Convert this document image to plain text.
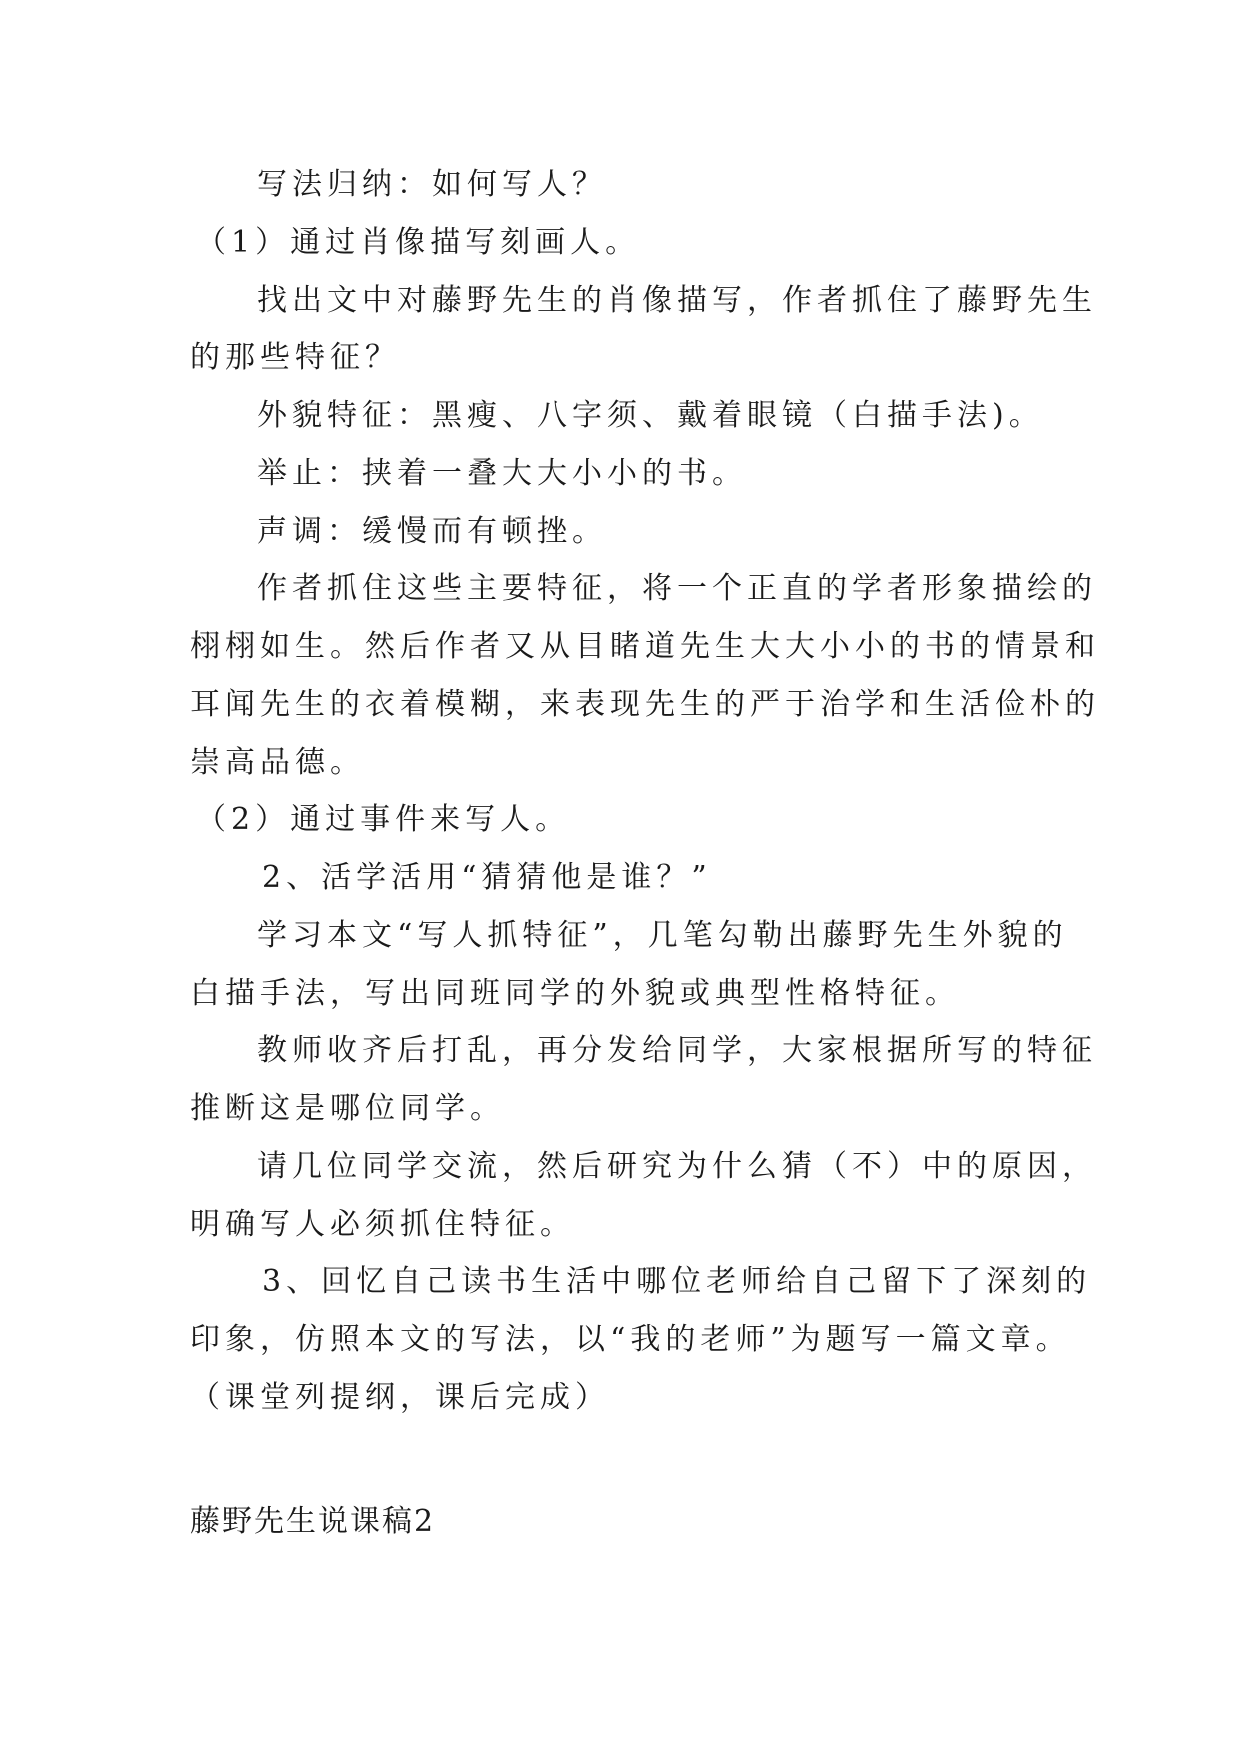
写法归纳：如何写人？
（1）通过肖像描写刻画人。
找出文中对藤野先生的肖像描写，作者抓住了藤野先生
的那些特征？
外貌特征：黑瘦、八字须、戴着眼镜（白描手法)。
举止：挟着一叠大大小小的书。
声调：缓慢而有顿挫。
作者抓住这些主要特征，将一个正直的学者形象描绘的
栩栩如生。然后作者又从目睹道先生大大小小的书的情景和
耳闻先生的衣着模糊，来表现先生的严于治学和生活俭朴的
崇高品德。
（2）通过事件来写人。
2、活学活用“猜猜他是谁？”
学习本文“写人抓特征”，几笔勾勒出藤野先生外貌的
白描手法，写出同班同学的外貌或典型性格特征。
教师收齐后打乱，再分发给同学，大家根据所写的特征
推断这是哪位同学。
请几位同学交流，然后研究为什么猜（不）中的原因，
明确写人必须抓住特征。
3、回忆自己读书生活中哪位老师给自己留下了深刻的
印象，仿照本文的写法，以“我的老师”为题写一篇文章。
（课堂列提纲，课后完成）
藤野先生说课稿2
